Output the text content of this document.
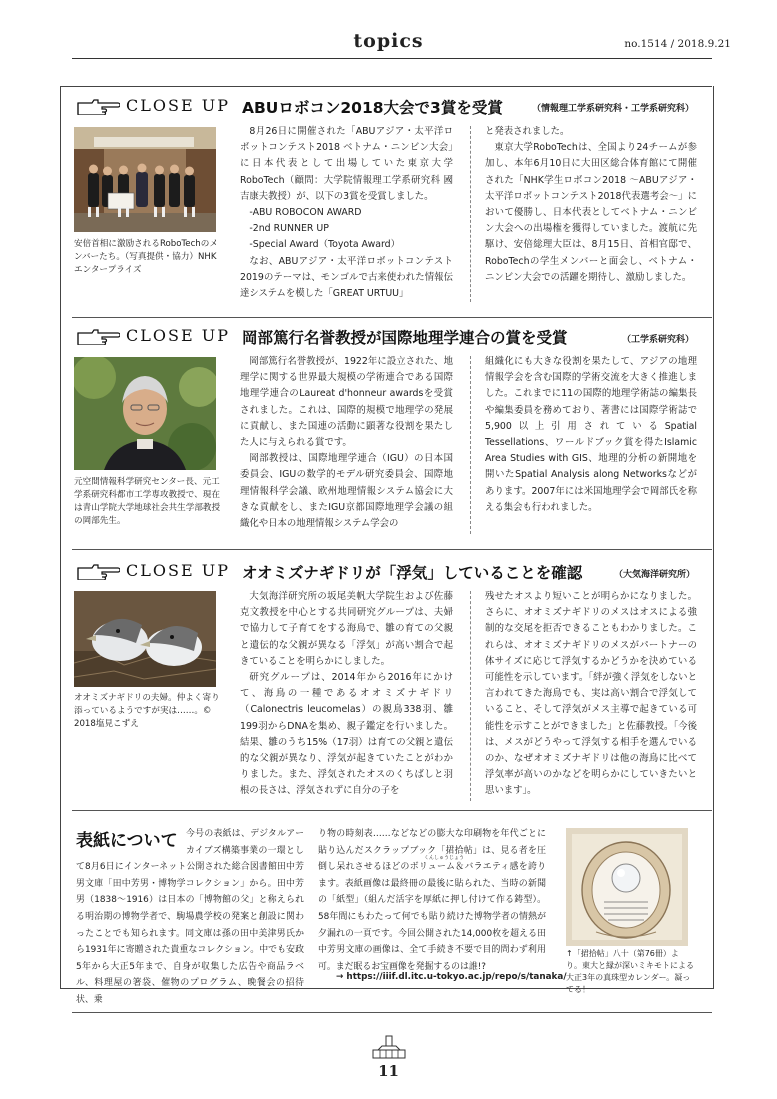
topics	no.1514 / 2018.9.21
CLOSE UP ABUロボコン2018大会で3賞を受賞	（情報理工学系研究科・工学系研究科）
安倍首相に激励されるRoboTechのメンバーたち。（写真提供・協力）NHKエンタープライズ

8月26日に開催された「ABUアジア・太平洋ロボットコンテスト2018 ベトナム・ニンビン大会」に日本代表として出場していた東京大学RoboTech（顧問：大学院情報理工学系研究科 國吉康夫教授）が、以下の3賞を受賞しました。

-ABU ROBOCON AWARD

-2nd RUNNER UP

-Special Award（Toyota Award）

なお、ABUアジア・太平洋ロボットコンテスト2019のテーマは、モンゴルで古来使われた情報伝達システムを模した「GREAT URTUU」

と発表されました。

東京大学RoboTechは、全国より24チームが参加し、本年6月10日に大田区総合体育館にて開催された「NHK学生ロボコン2018 ～ABUアジア・太平洋ロボットコンテスト2018代表選考会～」において優勝し、日本代表としてベトナム・ニンビン大会への出場権を獲得していました。渡航に先駆け、安倍総理大臣は、8月15日、首相官邸で、RoboTechの学生メンバーと面会し、ベトナム・ニンビン大会での活躍を期待し、激励しました。

CLOSE UP 岡部篤行名誉教授が国際地理学連合の賞を受賞	（工学系研究科）
元空間情報科学研究センター長、元工学系研究科都市工学専攻教授で、現在は青山学院大学地球社会共生学部教授の岡部先生。

岡部篤行名誉教授が、1922年に設立された、地理学に関する世界最大規模の学術連合である国際地理学連合のLaureat d'honneur awardsを受賞されました。これは、国際的規模で地理学の発展に貢献し、また国連の活動に顕著な役割を果たした人に与えられる賞です。

岡部教授は、国際地理学連合（IGU）の日本国委員会、IGUの数学的モデル研究委員会、国際地理情報科学会議、欧州地理情報システム協会に大きな貢献をし、またIGU京都国際地理学会議の組織化や日本の地理情報システム学会の

組織化にも大きな役割を果たして、アジアの地理情報学会を含む国際的学術交流を大きく推進しました。これまでに11の国際的地理学術誌の編集長や編集委員を務めており、著書には国際学術誌で5,900以上引用されているSpatial Tessellations、ワールドブック賞を得たIslamic Area Studies with GIS、地理的分析の新開地を開いたSpatial Analysis along Networksなどがあります。2007年には米国地理学会で岡部氏を称える集会も行われました。

CLOSE UP オオミズナギドリが「浮気」していることを確認	（大気海洋研究所）
オオミズナギドリの夫婦。仲よく寄り添っているようですが実は……。© 2018塩見こずえ

大気海洋研究所の坂尾美帆大学院生および佐藤克文教授を中心とする共同研究グループは、夫婦で協力して子育てをする海鳥で、雛の育ての父親と遺伝的な父親が異なる「浮気」が高い割合で起きていることを明らかにしました。

研究グループは、2014年から2016年にかけて、海鳥の一種であるオオミズナギドリ（Calonectris leucomelas）の親鳥338羽、雛199羽からDNAを集め、親子鑑定を行いました。結果、雛のうち15%（17羽）は育ての父親と遺伝的な父親が異なり、浮気が起きていたことがわかりました。また、浮気されたオスのくちばしと羽根の長さは、浮気されずに自分の子を

残せたオスより短いことが明らかになりました。さらに、オオミズナギドリのメスはオスによる強制的な交尾を拒否できることもわかりました。これらは、オオミズナギドリのメスがパートナーの体サイズに応じて浮気するかどうかを決めている可能性を示しています。「絆が強く浮気をしないと言われてきた海鳥でも、実は高い割合で浮気していること、そして浮気がメス主導で起きている可能性を示すことができました」と佐藤教授。「今後は、メスがどうやって浮気する相手を選んでいるのか、なぜオオミズナギドリは他の海鳥に比べて浮気率が高いのかなどを明らかにしていきたいと思います」。

表紙について 今号の表紙は、デジタルアーカイブズ構築事業の一環として8月6日にインターネット公開された総合図書館田中芳男文庫「田中芳男・博物学コレクション」から。田中芳男（1838～1916）は日本の「博物館の父」と称えられる明治期の博物学者で、駒場農学校の発案と創設に関わったことでも知られます。同文庫は孫の田中美津男氏から1931年に寄贈された貴重なコレクション。中でも安政5年から大正5年まで、自身が収集した広告や商品ラベル、料理屋の箸袋、催物のプログラム、晩餐会の招待状、乗
り物の時刻表……などなどの膨大な印刷物を年代ごとに貼り込んだスクラップブック「捃拾帖」は、見る者を圧倒し呆れさせるほどのボリューム＆バラエティ感を誇ります。表紙画像は最終冊の最後に貼られた、当時の新聞の「紙型」（組んだ活字を厚紙に押し付けて作る鋳型）。58年間にもわたって何でも貼り続けた博物学者の情熱が夕漏れの一頁です。今回公開された14,000枚を超える田中芳男文庫の画像は、全て手続き不要で目的問わず利用可。まだ眠るお宝画像を発掘するのは誰!?
くんしゅうじょう
→ https://iiif.dl.itc.u-tokyo.ac.jp/repo/s/tanaka/
↑「捃拾帖」八十（第76冊）より。東大と縁が深いミキモトによる大正3年の真珠型カレンダー。凝ってる！
11
